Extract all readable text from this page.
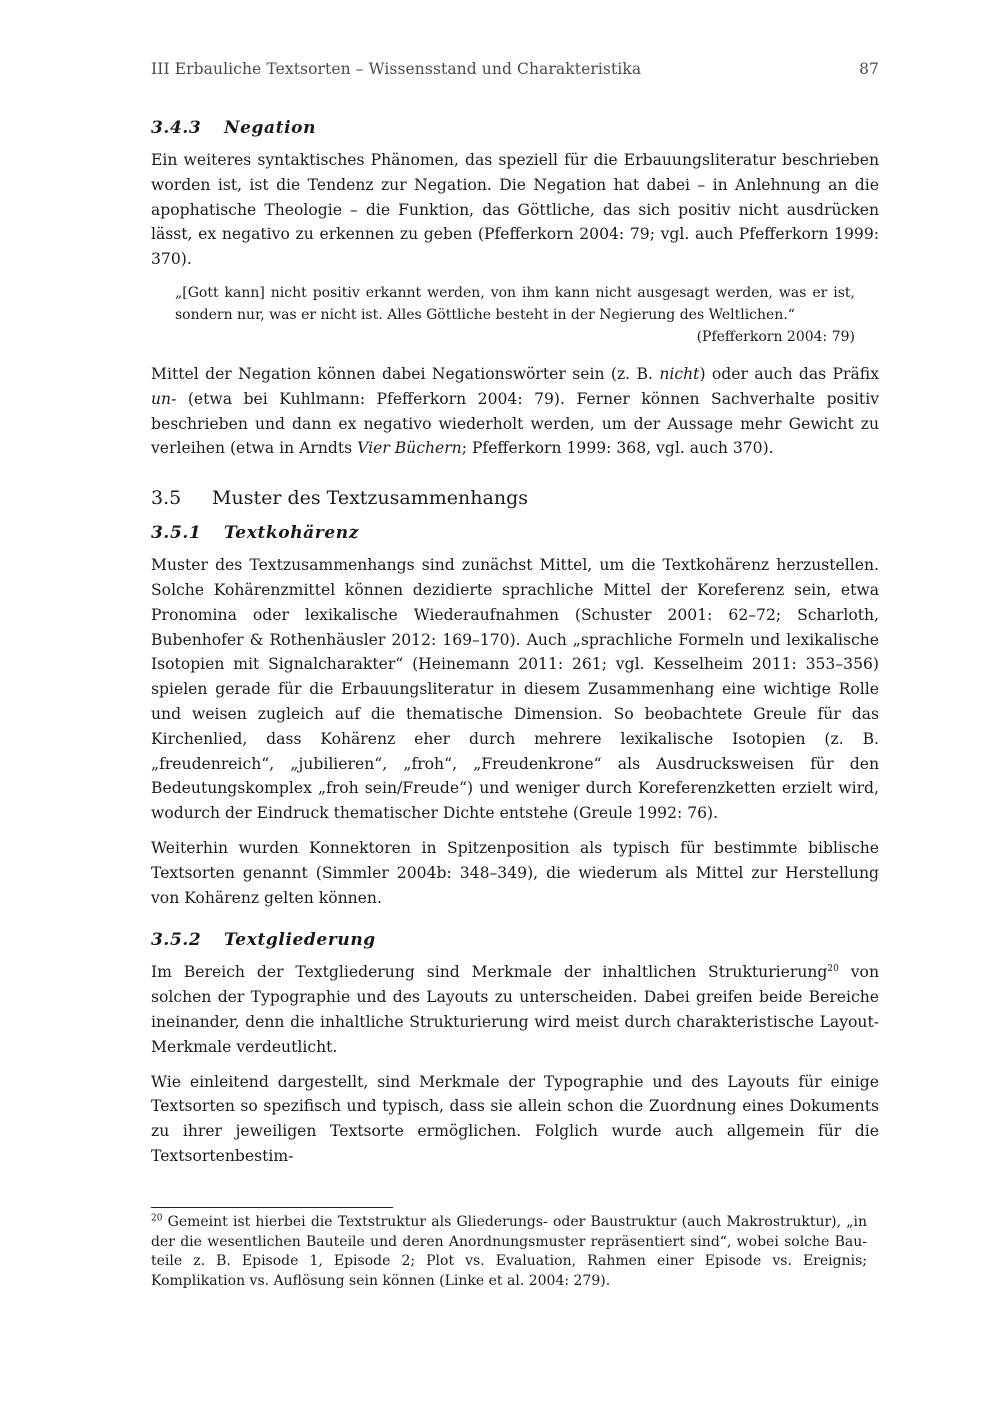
III Erbauliche Textsorten – Wissensstand und Charakteristika	87
3.4.3	Negation

Ein weiteres syntaktisches Phänomen, das speziell für die Erbauungsliteratur beschrieben worden ist, ist die Tendenz zur Negation. Die Negation hat dabei – in Anlehnung an die apophatische Theologie – die Funktion, das Göttliche, das sich positiv nicht ausdrücken lässt, ex negativo zu erkennen zu geben (Pfefferkorn 2004: 79; vgl. auch Pfefferkorn 1999: 370).

„[Gott kann] nicht positiv erkannt werden, von ihm kann nicht ausgesagt werden, was er ist, sondern nur, was er nicht ist. Alles Göttliche besteht in der Negierung des Weltlichen.“
(Pfefferkorn 2004: 79)

Mittel der Negation können dabei Negationswörter sein (z. B. nicht) oder auch das Präfix un- (etwa bei Kuhlmann: Pfefferkorn 2004: 79). Ferner können Sachverhalte positiv beschrieben und dann ex negativo wiederholt werden, um der Aussage mehr Gewicht zu verleihen (etwa in Arndts Vier Büchern; Pfefferkorn 1999: 368, vgl. auch 370).

3.5	Muster des Textzusammenhangs
3.5.1	Textkohärenz

Muster des Textzusammenhangs sind zunächst Mittel, um die Textkohärenz herzustellen. Solche Kohärenzmittel können dezidierte sprachliche Mittel der Koreferenz sein, etwa Pronomina oder lexikalische Wiederaufnahmen (Schuster 2001: 62–72; Scharloth, Bubenhofer & Rothenhäusler 2012: 169–170). Auch „sprachliche Formeln und lexikalische Isotopien mit Signalcharakter“ (Heinemann 2011: 261; vgl. Kesselheim 2011: 353–356) spielen gerade für die Erbauungsliteratur in diesem Zusammenhang eine wichtige Rolle und weisen zugleich auf die thematische Dimension. So beobachtete Greule für das Kirchenlied, dass Kohärenz eher durch mehrere lexikalische Isotopien (z. B. „freudenreich“, „jubilieren“, „froh“, „Freudenkrone“ als Ausdrucksweisen für den Bedeutungskomplex „froh sein/Freude“) und weniger durch Koreferenzketten erzielt wird, wodurch der Eindruck thematischer Dichte entstehe (Greule 1992: 76).

Weiterhin wurden Konnektoren in Spitzenposition als typisch für bestimmte biblische Textsorten genannt (Simmler 2004b: 348–349), die wiederum als Mittel zur Herstellung von Kohärenz gelten können.

3.5.2	Textgliederung

Im Bereich der Textgliederung sind Merkmale der inhaltlichen Strukturierung$^{20}$ von solchen der Typographie und des Layouts zu unterscheiden. Dabei greifen beide Bereiche ineinander, denn die inhaltliche Strukturierung wird meist durch charakteristische Layout-Merkmale verdeutlicht.

Wie einleitend dargestellt, sind Merkmale der Typographie und des Layouts für einige Textsorten so spezifisch und typisch, dass sie allein schon die Zuordnung eines Dokuments zu ihrer jeweiligen Textsorte ermöglichen. Folglich wurde auch allgemein für die Textsortenbestim-

$^{20}$ Gemeint ist hierbei die Textstruktur als Gliederungs- oder Baustruktur (auch Makrostruktur), „in der die wesentlichen Bauteile und deren Anordnungsmuster repräsentiert sind“, wobei solche Bauteile z. B. Episode 1, Episode 2; Plot vs. Evaluation, Rahmen einer Episode vs. Ereignis; Komplikation vs. Auflösung sein können (Linke et al. 2004: 279).
